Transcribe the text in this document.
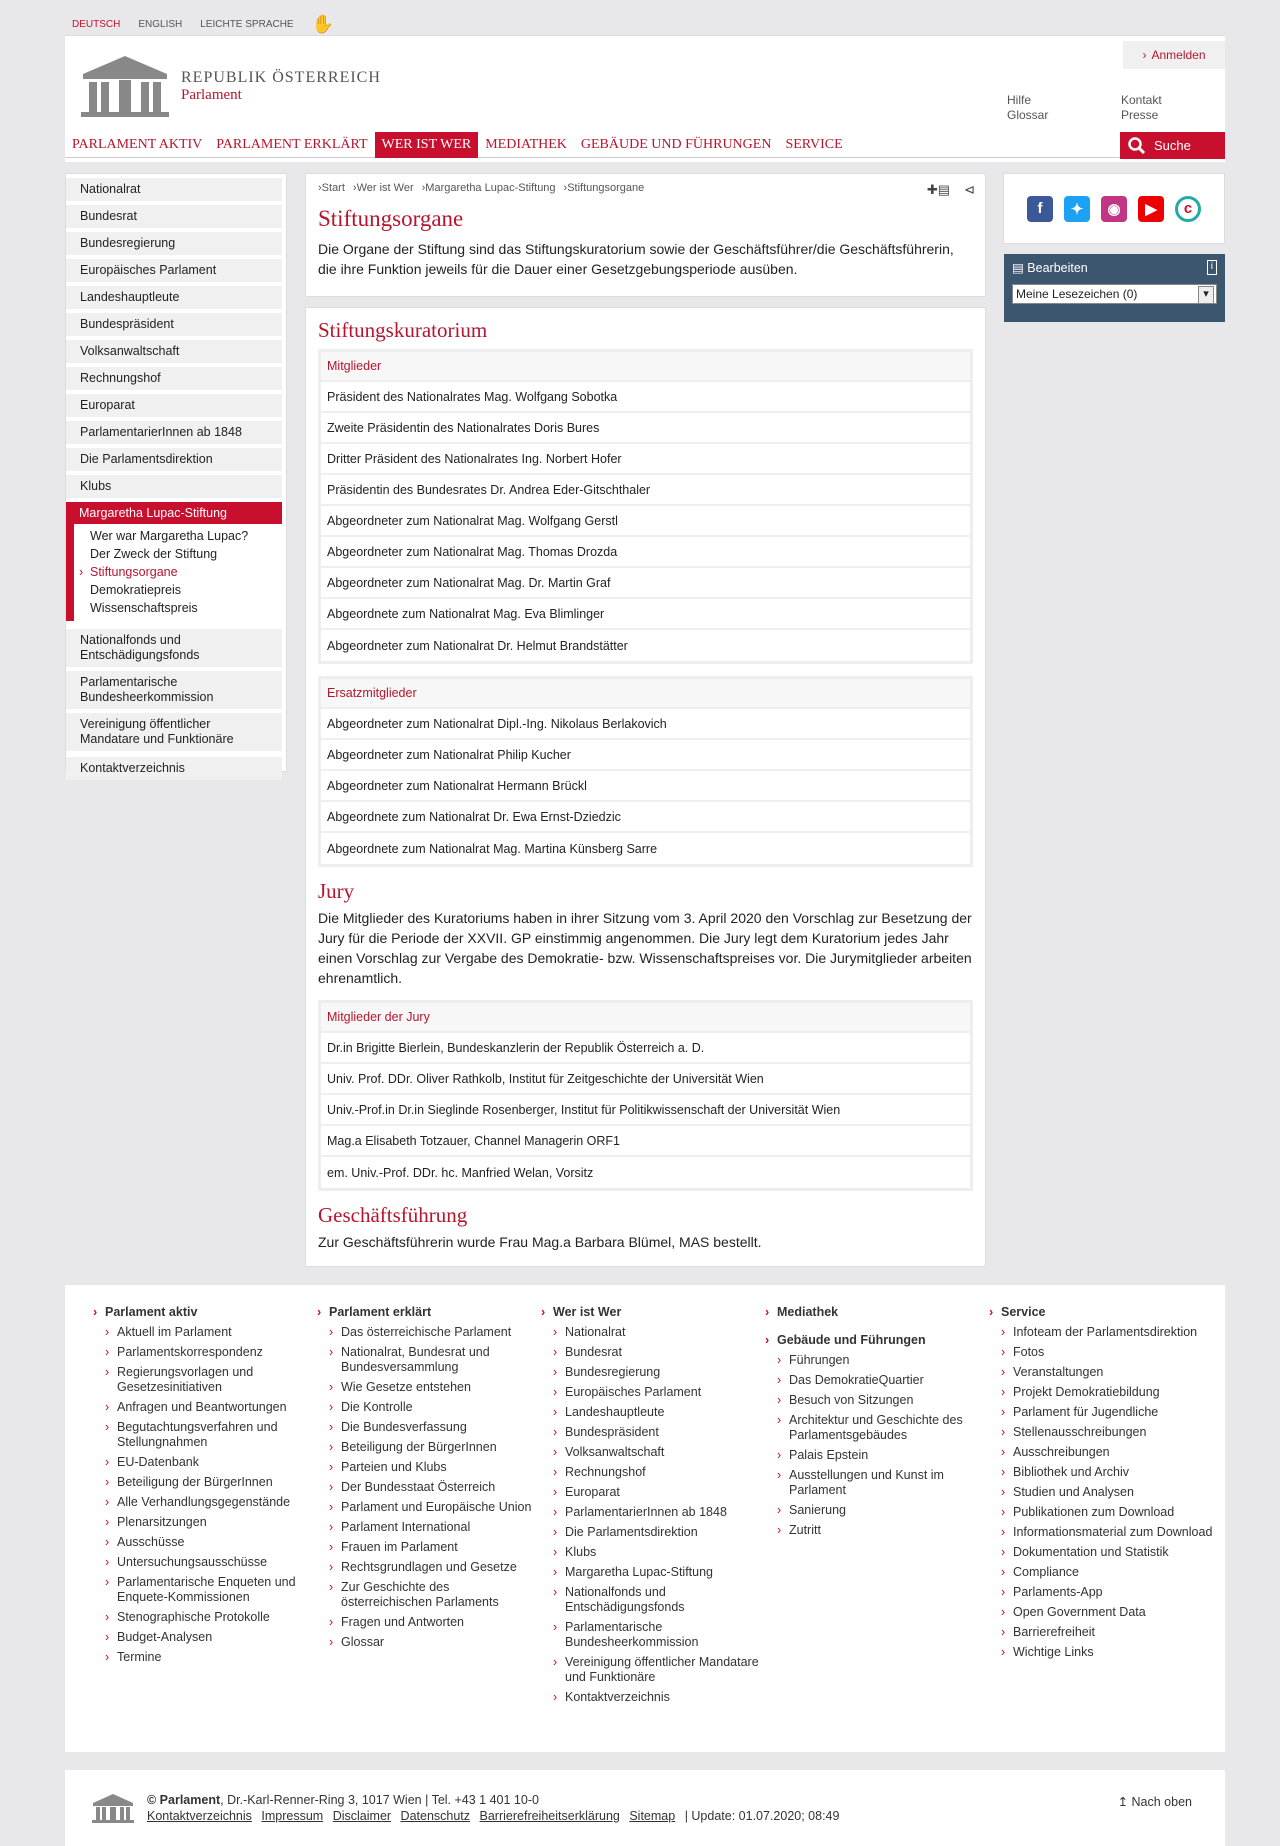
DEUTSCH ENGLISH LEICHTE SPRACHE ✋
REPUBLIK ÖSTERREICH
Parlament
› Anmelden
Hilfe	Kontakt
Glossar	Presse
PARLAMENT AKTIV	PARLAMENT ERKLÄRT	WER IST WER	MEDIATHEK	GEBÄUDE UND FÜHRUNGEN	SERVICE	Suche
Nationalrat
Bundesrat
Bundesregierung
Europäisches Parlament
Landeshauptleute
Bundespräsident
Volksanwaltschaft
Rechnungshof
Europarat
ParlamentarierInnen ab 1848
Die Parlamentsdirektion
Klubs
Margaretha Lupac-Stiftung
Wer war Margaretha Lupac?
Der Zweck der Stiftung
› Stiftungsorgane
Demokratiepreis
Wissenschaftspreis
Nationalfonds und Entschädigungsfonds
Parlamentarische Bundesheerkommission
Vereinigung öffentlicher Mandatare und Funktionäre
Kontaktverzeichnis
› Start	› Wer ist Wer	› Margaretha Lupac-Stiftung	› Stiftungsorgane	✚▤ ⊲
Stiftungsorgane

Die Organe der Stiftung sind das Stiftungskuratorium sowie der Geschäftsführer/die Geschäftsführerin, die ihre Funktion jeweils für die Dauer einer Gesetzgebungsperiode ausüben.

Stiftungskuratorium
Mitglieder
Präsident des Nationalrates Mag. Wolfgang Sobotka
Zweite Präsidentin des Nationalrates Doris Bures
Dritter Präsident des Nationalrates Ing. Norbert Hofer
Präsidentin des Bundesrates Dr. Andrea Eder-Gitschthaler
Abgeordneter zum Nationalrat Mag. Wolfgang Gerstl
Abgeordneter zum Nationalrat Mag. Thomas Drozda
Abgeordneter zum Nationalrat Mag. Dr. Martin Graf
Abgeordnete zum Nationalrat Mag. Eva Blimlinger
Abgeordneter zum Nationalrat Dr. Helmut Brandstätter
Ersatzmitglieder
Abgeordneter zum Nationalrat Dipl.-Ing. Nikolaus Berlakovich
Abgeordneter zum Nationalrat Philip Kucher
Abgeordneter zum Nationalrat Hermann Brückl
Abgeordnete zum Nationalrat Dr. Ewa Ernst-Dziedzic
Abgeordnete zum Nationalrat Mag. Martina Künsberg Sarre
Jury

Die Mitglieder des Kuratoriums haben in ihrer Sitzung vom 3. April 2020 den Vorschlag zur Besetzung der Jury für die Periode der XXVII. GP einstimmig angenommen. Die Jury legt dem Kuratorium jedes Jahr einen Vorschlag zur Vergabe des Demokratie- bzw. Wissenschaftspreises vor. Die Jurymitglieder arbeiten ehrenamtlich.

Mitglieder der Jury
Dr.in Brigitte Bierlein, Bundeskanzlerin der Republik Österreich a. D.
Univ. Prof. DDr. Oliver Rathkolb, Institut für Zeitgeschichte der Universität Wien
Univ.-Prof.in Dr.in Sieglinde Rosenberger, Institut für Politikwissenschaft der Universität Wien
Mag.a Elisabeth Totzauer, Channel Managerin ORF1
em. Univ.-Prof. DDr. hc. Manfried Welan, Vorsitz
Geschäftsführung

Zur Geschäftsführerin wurde Frau Mag.a Barbara Blümel, MAS bestellt.

f	✦	◉	▶	c
▤ Bearbeiten	i
Meine Lesezeichen (0) ▾
› Parlament aktiv
› Aktuell im Parlament
› Parlamentskorrespondenz
› Regierungsvorlagen und Gesetzesinitiativen
› Anfragen und Beantwortungen
› Begutachtungsverfahren und Stellungnahmen
› EU-Datenbank
› Beteiligung der BürgerInnen
› Alle Verhandlungsgegenstände
› Plenarsitzungen
› Ausschüsse
› Untersuchungsausschüsse
› Parlamentarische Enqueten und Enquete-Kommissionen
› Stenographische Protokolle
› Budget-Analysen
› Termine
› Parlament erklärt
› Das österreichische Parlament
› Nationalrat, Bundesrat und Bundesversammlung
› Wie Gesetze entstehen
› Die Kontrolle
› Die Bundesverfassung
› Beteiligung der BürgerInnen
› Parteien und Klubs
› Der Bundesstaat Österreich
› Parlament und Europäische Union
› Parlament International
› Frauen im Parlament
› Rechtsgrundlagen und Gesetze
› Zur Geschichte des österreichischen Parlaments
› Fragen und Antworten
› Glossar
› Wer ist Wer
› Nationalrat
› Bundesrat
› Bundesregierung
› Europäisches Parlament
› Landeshauptleute
› Bundespräsident
› Volksanwaltschaft
› Rechnungshof
› Europarat
› ParlamentarierInnen ab 1848
› Die Parlamentsdirektion
› Klubs
› Margaretha Lupac-Stiftung
› Nationalfonds und Entschädigungsfonds
› Parlamentarische Bundesheerkommission
› Vereinigung öffentlicher Mandatare und Funktionäre
› Kontaktverzeichnis
› Mediathek
› Gebäude und Führungen
› Führungen
› Das DemokratieQuartier
› Besuch von Sitzungen
› Architektur und Geschichte des Parlamentsgebäudes
› Palais Epstein
› Ausstellungen und Kunst im Parlament
› Sanierung
› Zutritt
› Service
› Infoteam der Parlamentsdirektion
› Fotos
› Veranstaltungen
› Projekt Demokratiebildung
› Parlament für Jugendliche
› Stellenausschreibungen
› Ausschreibungen
› Bibliothek und Archiv
› Studien und Analysen
› Publikationen zum Download
› Informationsmaterial zum Download
› Dokumentation und Statistik
› Compliance
› Parlaments-App
› Open Government Data
› Barrierefreiheit
› Wichtige Links
© Parlament, Dr.-Karl-Renner-Ring 3, 1017 Wien | Tel. +43 1 401 10-0
Kontaktverzeichnis Impressum Disclaimer Datenschutz Barrierefreiheitserklärung Sitemap | Update: 01.07.2020; 08:49
↥ Nach oben
